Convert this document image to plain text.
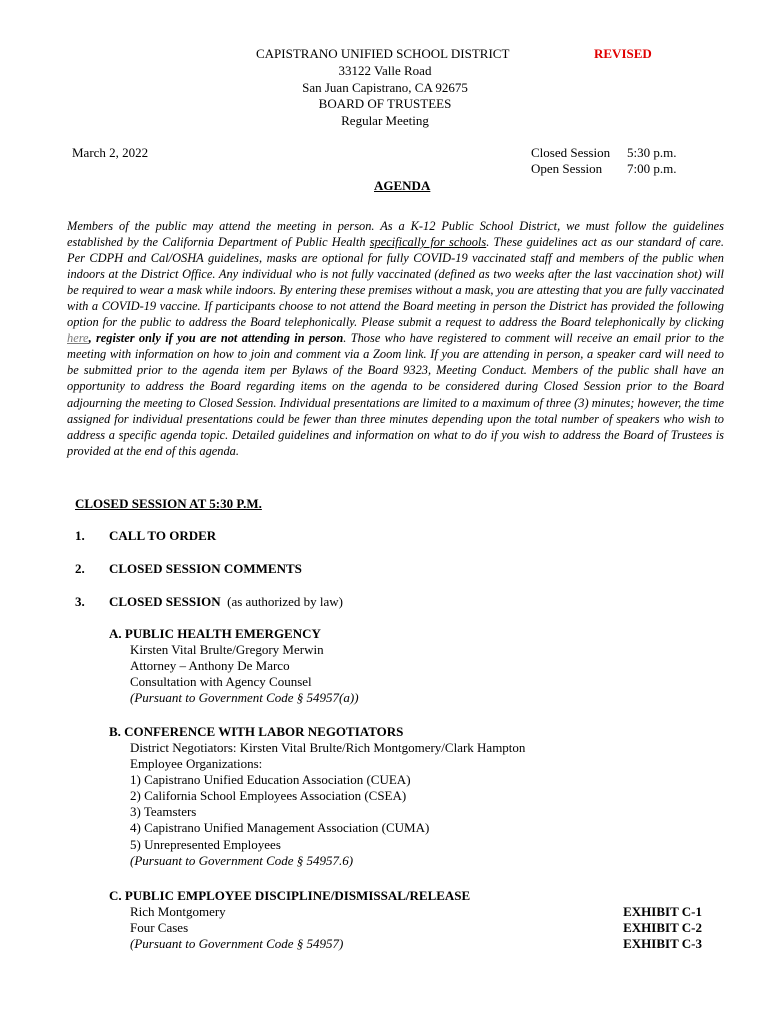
CAPISTRANO UNIFIED SCHOOL DISTRICT	REVISED
33122 Valle Road
San Juan Capistrano, CA 92675
BOARD OF TRUSTEES
Regular Meeting
March 2, 2022	Closed Session 5:30 p.m.
Open Session 7:00 p.m.
AGENDA
Members of the public may attend the meeting in person. As a K-12 Public School District, we must follow the guidelines established by the California Department of Public Health specifically for schools. These guidelines act as our standard of care. Per CDPH and Cal/OSHA guidelines, masks are optional for fully COVID-19 vaccinated staff and members of the public when indoors at the District Office. Any individual who is not fully vaccinated (defined as two weeks after the last vaccination shot) will be required to wear a mask while indoors. By entering these premises without a mask, you are attesting that you are fully vaccinated with a COVID-19 vaccine. If participants choose to not attend the Board meeting in person the District has provided the following option for the public to address the Board telephonically. Please submit a request to address the Board telephonically by clicking here, register only if you are not attending in person. Those who have registered to comment will receive an email prior to the meeting with information on how to join and comment via a Zoom link. If you are attending in person, a speaker card will need to be submitted prior to the agenda item per Bylaws of the Board 9323, Meeting Conduct. Members of the public shall have an opportunity to address the Board regarding items on the agenda to be considered during Closed Session prior to the Board adjourning the meeting to Closed Session. Individual presentations are limited to a maximum of three (3) minutes; however, the time assigned for individual presentations could be fewer than three minutes depending upon the total number of speakers who wish to address a specific agenda topic. Detailed guidelines and information on what to do if you wish to address the Board of Trustees is provided at the end of this agenda.
CLOSED SESSION AT 5:30 P.M.
1. CALL TO ORDER
2. CLOSED SESSION COMMENTS
3. CLOSED SESSION (as authorized by law)
A. PUBLIC HEALTH EMERGENCY
Kirsten Vital Brulte/Gregory Merwin
Attorney – Anthony De Marco
Consultation with Agency Counsel
(Pursuant to Government Code § 54957(a))
B. CONFERENCE WITH LABOR NEGOTIATORS
District Negotiators: Kirsten Vital Brulte/Rich Montgomery/Clark Hampton
Employee Organizations:
1) Capistrano Unified Education Association (CUEA)
2) California School Employees Association (CSEA)
3) Teamsters
4) Capistrano Unified Management Association (CUMA)
5) Unrepresented Employees
(Pursuant to Government Code § 54957.6)
C. PUBLIC EMPLOYEE DISCIPLINE/DISMISSAL/RELEASE
Rich Montgomery
Four Cases
(Pursuant to Government Code § 54957)
EXHIBIT C-1
EXHIBIT C-2
EXHIBIT C-3
